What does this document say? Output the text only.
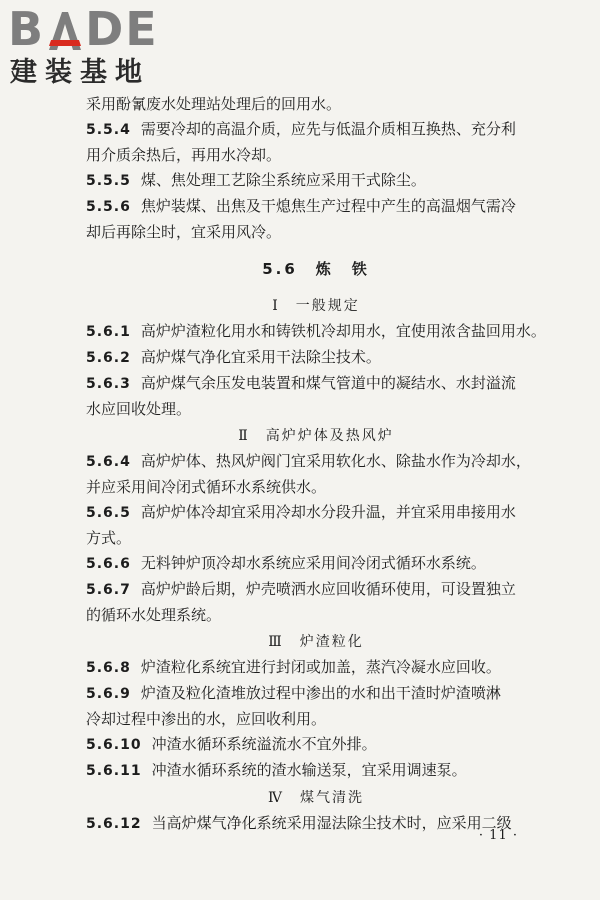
B DE
建装基地
采用酚氰废水处理站处理后的回用水。
5.5.4 需要冷却的高温介质，应先与低温介质相互换热、充分利
用介质余热后，再用水冷却。
5.5.5 煤、焦处理工艺除尘系统应采用干式除尘。
5.5.6 焦炉装煤、出焦及干熄焦生产过程中产生的高温烟气需冷
却后再除尘时，宜采用风冷。
5.6　炼　铁
Ⅰ　一般规定
5.6.1 高炉炉渣粒化用水和铸铁机冷却用水，宜使用浓含盐回用水。
5.6.2 高炉煤气净化宜采用干法除尘技术。
5.6.3 高炉煤气余压发电装置和煤气管道中的凝结水、水封溢流
水应回收处理。
Ⅱ　高炉炉体及热风炉
5.6.4 高炉炉体、热风炉阀门宜采用软化水、除盐水作为冷却水，
并应采用间冷闭式循环水系统供水。
5.6.5 高炉炉体冷却宜采用冷却水分段升温，并宜采用串接用水
方式。
5.6.6 无料钟炉顶冷却水系统应采用间冷闭式循环水系统。
5.6.7 高炉炉龄后期，炉壳喷洒水应回收循环使用，可设置独立
的循环水处理系统。
Ⅲ　炉渣粒化
5.6.8 炉渣粒化系统宜进行封闭或加盖，蒸汽冷凝水应回收。
5.6.9 炉渣及粒化渣堆放过程中渗出的水和出干渣时炉渣喷淋
冷却过程中渗出的水，应回收利用。
5.6.10 冲渣水循环系统溢流水不宜外排。
5.6.11 冲渣水循环系统的渣水输送泵，宜采用调速泵。
Ⅳ　煤气清洗
5.6.12 当高炉煤气净化系统采用湿法除尘技术时，应采用二级
· 11 ·
